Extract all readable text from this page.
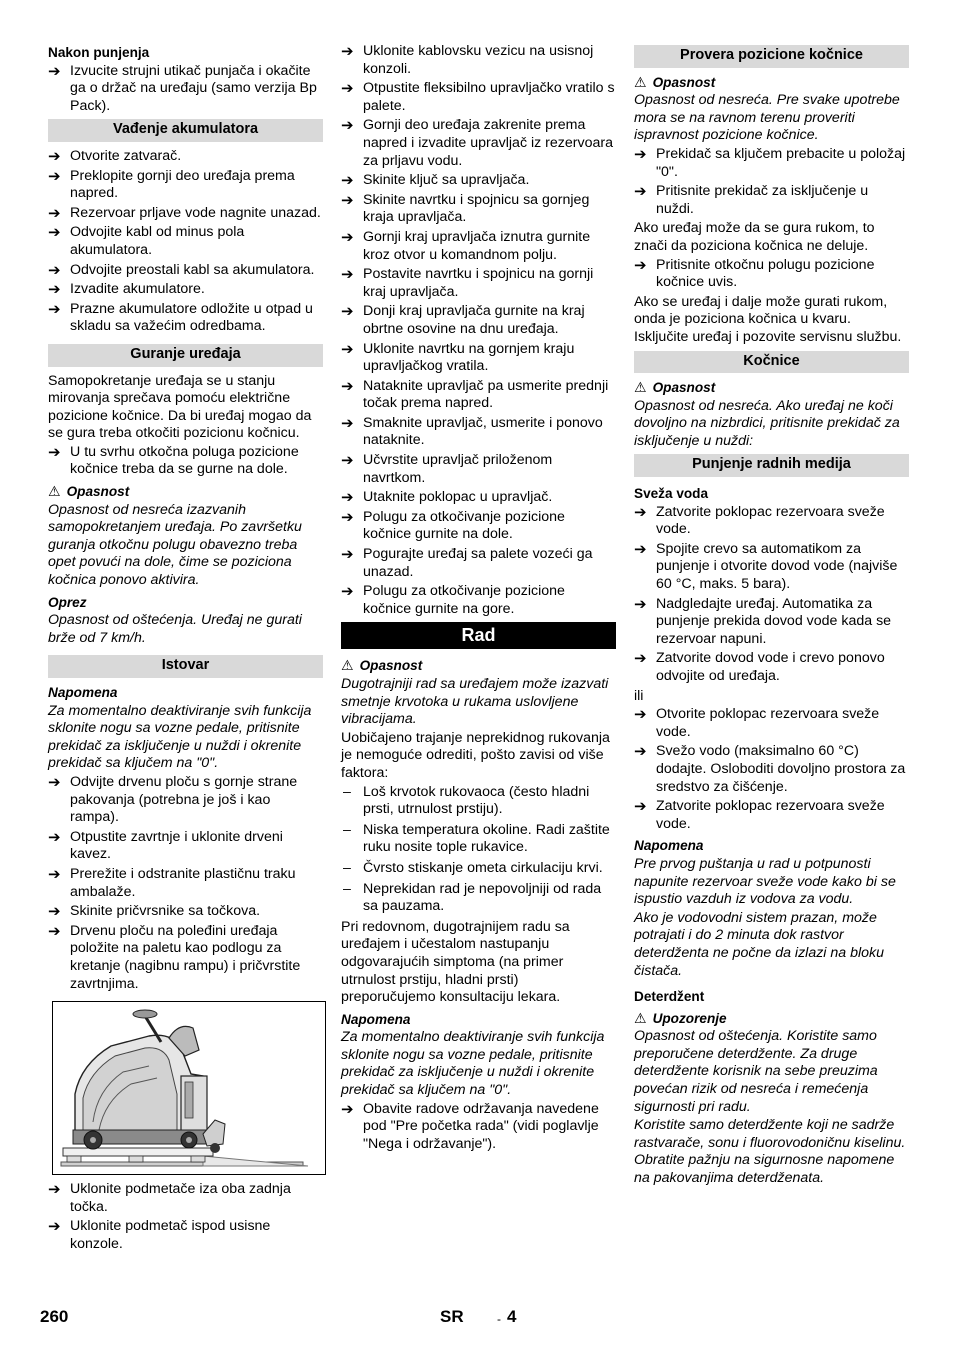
Nakon punjenja
➔ Izvucite strujni utikač punjača i okačite ga o držač na uređaju (samo verzija Bp Pack).
Vađenje akumulatora
➔ Otvorite zatvarač.
➔ Preklopite gornji deo uređaja prema napred.
➔ Rezervoar prljave vode nagnite unazad.
➔ Odvojite kabl od minus pola akumulatora.
➔ Odvojite preostali kabl sa akumulatora.
➔ Izvadite akumulatore.
➔ Prazne akumulatore odložite u otpad u skladu sa važećim odredbama.
Guranje uređaja

Samopokretanje uređaja se u stanju mirovanja sprečava pomoću električne pozicione kočnice. Da bi uređaj mogao da se gura treba otkočiti pozicionu kočnicu.

➔ U tu svrhu otkočna poluga pozicione kočnice treba da se gurne na dole.
⚠ Opasnost

Opasnost od nesreća izazvanih samopokretanjem uređaja. Po završetku guranja otkočnu polugu obavezno treba opet povući na dole, čime se poziciona kočnica ponovo aktivira.

Oprez

Opasnost od oštećenja. Uređaj ne gurati brže od 7 km/h.

Istovar
Napomena

Za momentalno deaktiviranje svih funkcija sklonite nogu sa vozne pedale, pritisnite prekidač za isključenje u nuždi i okrenite prekidač sa ključem na "0".

➔ Odvijte drvenu ploču s gornje strane pakovanja (potrebna je još i kao rampa).
➔ Otpustite zavrtnje i uklonite drveni kavez.
➔ Prerežite i odstranite plastičnu traku ambalaže.
➔ Skinite pričvrsnike sa točkova.
➔ Drvenu ploču na poleđini uređaja položite na paletu kao podlogu za kretanje (nagibnu rampu) i pričvrstite zavrtnjima.
➔ Uklonite podmetače iza oba zadnja točka.
➔ Uklonite podmetač ispod usisne konzole.
➔ Uklonite kablovsku vezicu na usisnoj konzoli.
➔ Otpustite fleksibilno upravljačko vratilo s palete.
➔ Gornji deo uređaja zakrenite prema napred i izvadite upravljač iz rezervoara za prljavu vodu.
➔ Skinite ključ sa upravljača.
➔ Skinite navrtku i spojnicu sa gornjeg kraja upravljača.
➔ Gornji kraj upravljača iznutra gurnite kroz otvor u komandnom polju.
➔ Postavite navrtku i spojnicu na gornji kraj upravljača.
➔ Donji kraj upravljača gurnite na kraj obrtne osovine na dnu uređaja.
➔ Uklonite navrtku na gornjem kraju upravljačkog vratila.
➔ Nataknite upravljač pa usmerite prednji točak prema napred.
➔ Smaknite upravljač, usmerite i ponovo nataknite.
➔ Učvrstite upravljač priloženom navrtkom.
➔ Utaknite poklopac u upravljač.
➔ Polugu za otkočivanje pozicione kočnice gurnite na dole.
➔ Pogurajte uređaj sa palete vozeći ga unazad.
➔ Polugu za otkočivanje pozicione kočnice gurnite na gore.
Rad
⚠ Opasnost

Dugotrajniji rad sa uređajem može izazvati smetnje krvotoka u rukama uslovljene vibracijama.

Uobičajeno trajanje neprekidnog rukovanja je nemoguće odrediti, pošto zavisi od više faktora:

– Loš krvotok rukovaoca (često hladni prsti, utrnulost prstiju).
– Niska temperatura okoline. Radi zaštite ruku nosite tople rukavice.
– Čvrsto stiskanje ometa cirkulaciju krvi.
– Neprekidan rad je nepovoljniji od rada sa pauzama.

Pri redovnom, dugotrajnijem radu sa uređajem i učestalom nastupanju odgovarajućih simptoma (na primer utrnulost prstiju, hladni prsti) preporučujemo konsultaciju lekara.

Napomena

Za momentalno deaktiviranje svih funkcija sklonite nogu sa vozne pedale, pritisnite prekidač za isključenje u nuždi i okrenite prekidač sa ključem na "0".

➔ Obavite radove održavanja navedene pod "Pre početka rada" (vidi poglavlje "Nega i održavanje").
Provera pozicione kočnice
⚠ Opasnost

Opasnost od nesreća. Pre svake upotrebe mora se na ravnom terenu proveriti ispravnost pozicione kočnice.

➔ Prekidač sa ključem prebacite u položaj "0".
➔ Pritisnite prekidač za isključenje u nuždi.

Ako uređaj može da se gura rukom, to znači da poziciona kočnica ne deluje.

➔ Pritisnite otkočnu polugu pozicione kočnice uvis.

Ako se uređaj i dalje može gurati rukom, onda je poziciona kočnica u kvaru. Isključite uređaj i pozovite servisnu službu.

Kočnice
⚠ Opasnost

Opasnost od nesreća. Ako uređaj ne koči dovoljno na nizbrdici, pritisnite prekidač za isključenje u nuždi:

Punjenje radnih medija
Sveža voda
➔ Zatvorite poklopac rezervoara sveže vode.
➔ Spojite crevo sa automatikom za punjenje i otvorite dovod vode (najviše 60 °C, maks. 5 bara).
➔ Nadgledajte uređaj. Automatika za punjenje prekida dovod vode kada se rezervoar napuni.
➔ Zatvorite dovod vode i crevo ponovo odvojite od uređaja.

ili

➔ Otvorite poklopac rezervoara sveže vode.
➔ Svežo vodo (maksimalno 60 °C) dodajte. Osloboditi dovoljno prostora za sredstvo za čišćenje.
➔ Zatvorite poklopac rezervoara sveže vode.
Napomena

Pre prvog puštanja u rad u potpunosti napunite rezervoar sveže vode kako bi se ispustio vazduh iz vodova za vodu.

Ako je vodovodni sistem prazan, može potrajati i do 2 minuta dok rastvor deterdženta ne počne da izlazi na bloku čistača.

Deterdžent
⚠ Upozorenje

Opasnost od oštećenja. Koristite samo preporučene deterdžente. Za druge deterdžente korisnik na sebe preuzima povećan rizik od nesreća i remećenja sigurnosti pri radu.

Koristite samo deterdžente koji ne sadrže rastvarače, sonu i fluorovodoničnu kiselinu. Obratite pažnju na sigurnosne napomene na pakovanjima deterdženata.

260	SR	- 4
